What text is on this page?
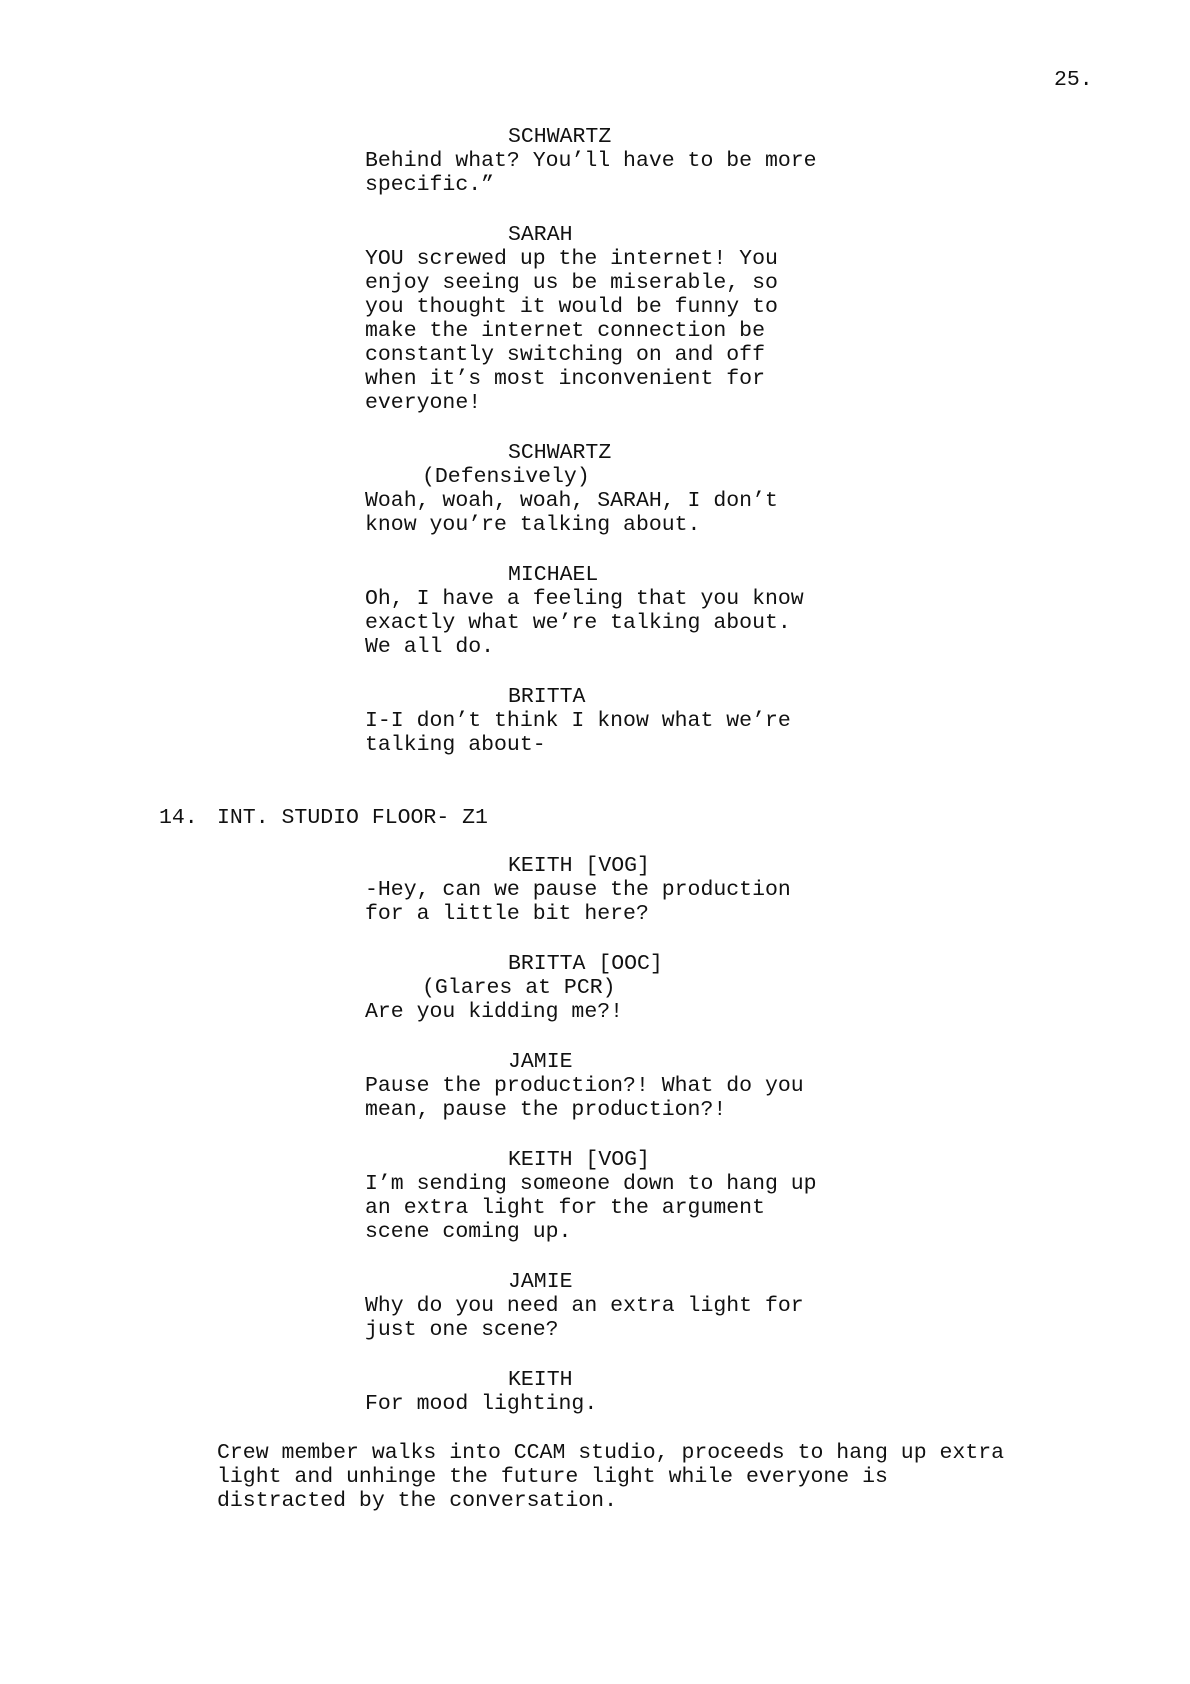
25.
SCHWARTZ
Behind what? You’ll have to be more
specific.”
SARAH
YOU screwed up the internet! You
enjoy seeing us be miserable, so
you thought it would be funny to
make the internet connection be
constantly switching on and off
when it’s most inconvenient for
everyone!
SCHWARTZ
(Defensively)
Woah, woah, woah, SARAH, I don’t
know you’re talking about.
MICHAEL
Oh, I have a feeling that you know
exactly what we’re talking about.
We all do.
BRITTA
I-I don’t think I know what we’re
talking about-
14. INT. STUDIO FLOOR- Z1
KEITH [VOG]
-Hey, can we pause the production
for a little bit here?
BRITTA [OOC]
(Glares at PCR)
Are you kidding me?!
JAMIE
Pause the production?! What do you
mean, pause the production?!
KEITH [VOG]
I’m sending someone down to hang up
an extra light for the argument
scene coming up.
JAMIE
Why do you need an extra light for
just one scene?
KEITH
For mood lighting.
Crew member walks into CCAM studio, proceeds to hang up extra
light and unhinge the future light while everyone is
distracted by the conversation.
